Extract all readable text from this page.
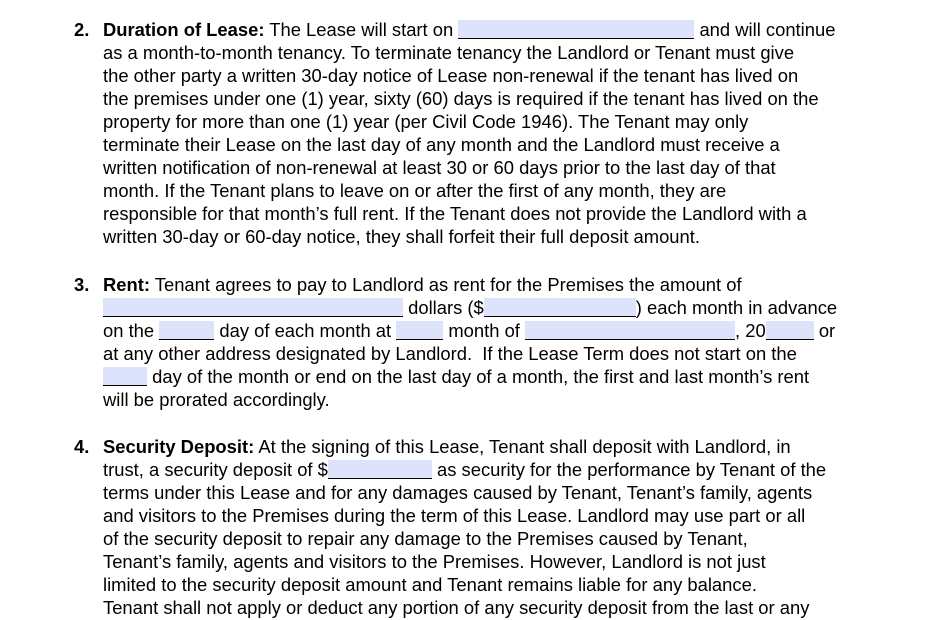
2. Duration of Lease: The Lease will start on	and will continue
as a month-to-month tenancy. To terminate tenancy the Landlord or Tenant must give
the other party a written 30-day notice of Lease non-renewal if the tenant has lived on
the premises under one (1) year, sixty (60) days is required if the tenant has lived on the
property for more than one (1) year (per Civil Code 1946). The Tenant may only
terminate their Lease on the last day of any month and the Landlord must receive a
written notification of non-renewal at least 30 or 60 days prior to the last day of that
month. If the Tenant plans to leave on or after the first of any month, they are
responsible for that month’s full rent. If the Tenant does not provide the Landlord with a
written 30-day or 60-day notice, they shall forfeit their full deposit amount.
3. Rent: Tenant agrees to pay to Landlord as rent for the Premises the amount of
dollars ($	) each month in advance
on the	day of each month at	month of	, 20	or
at any other address designated by Landlord.  If the Lease Term does not start on the
day of the month or end on the last day of a month, the first and last month’s rent
will be prorated accordingly.
4. Security Deposit: At the signing of this Lease, Tenant shall deposit with Landlord, in
trust, a security deposit of $	as security for the performance by Tenant of the
terms under this Lease and for any damages caused by Tenant, Tenant’s family, agents
and visitors to the Premises during the term of this Lease. Landlord may use part or all
of the security deposit to repair any damage to the Premises caused by Tenant,
Tenant’s family, agents and visitors to the Premises. However, Landlord is not just
limited to the security deposit amount and Tenant remains liable for any balance.
Tenant shall not apply or deduct any portion of any security deposit from the last or any
